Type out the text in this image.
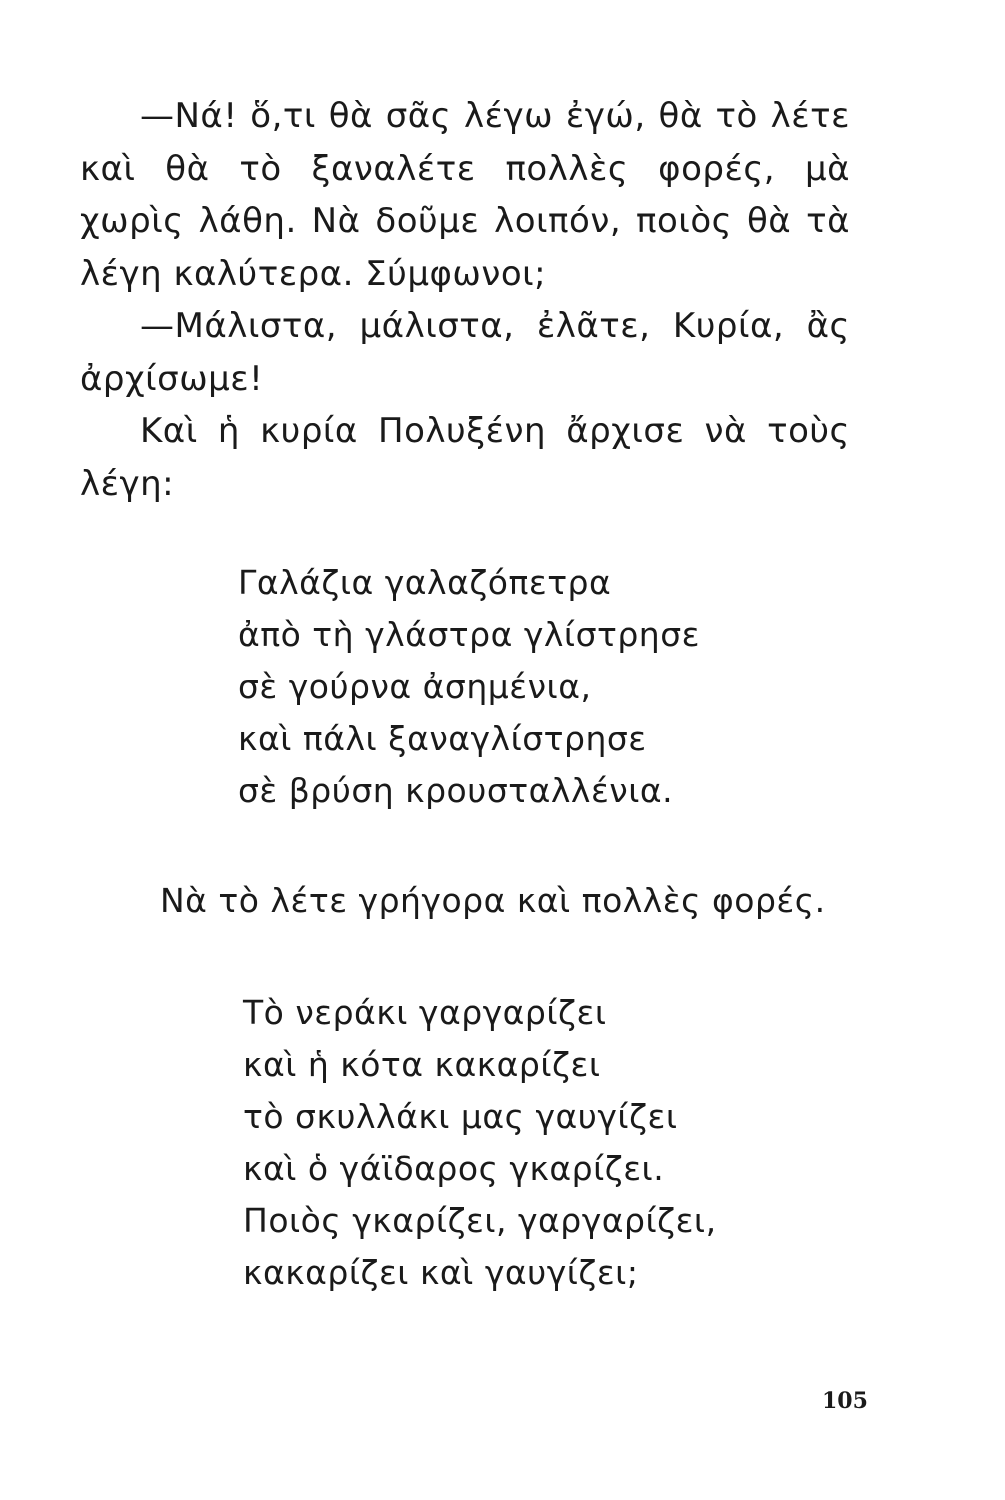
—Νά! ὅ,τι θὰ σᾶς λέγω ἐγώ, θὰ τὸ λέτε καὶ θὰ τὸ ξαναλέτε πολλὲς φορές, μὰ χωρὶς λάθη. Νὰ δοῦμε λοιπόν, ποιὸς θὰ τὰ λέγη καλύτερα. Σύμφωνοι;

—Μάλιστα, μάλιστα, ἐλᾶτε, Κυρία, ἂς ἀρχίσωμε!

Καὶ ἡ κυρία Πολυξένη ἄρχισε νὰ τοὺς λέγη:

Γαλάζια γαλαζόπετρα
ἀπὸ τὴ γλάστρα γλίστρησε
σὲ γούρνα ἀσημένια,
καὶ πάλι ξαναγλίστρησε
σὲ βρύση κρουσταλλένια.
Νὰ τὸ λέτε γρήγορα καὶ πολλὲς φορές.
Τὸ νεράκι γαργαρίζει
καὶ ἡ κότα κακαρίζει
τὸ σκυλλάκι μας γαυγίζει
καὶ ὁ γάϊδαρος γκαρίζει.
Ποιὸς γκαρίζει, γαργαρίζει,
κακαρίζει καὶ γαυγίζει;
105
